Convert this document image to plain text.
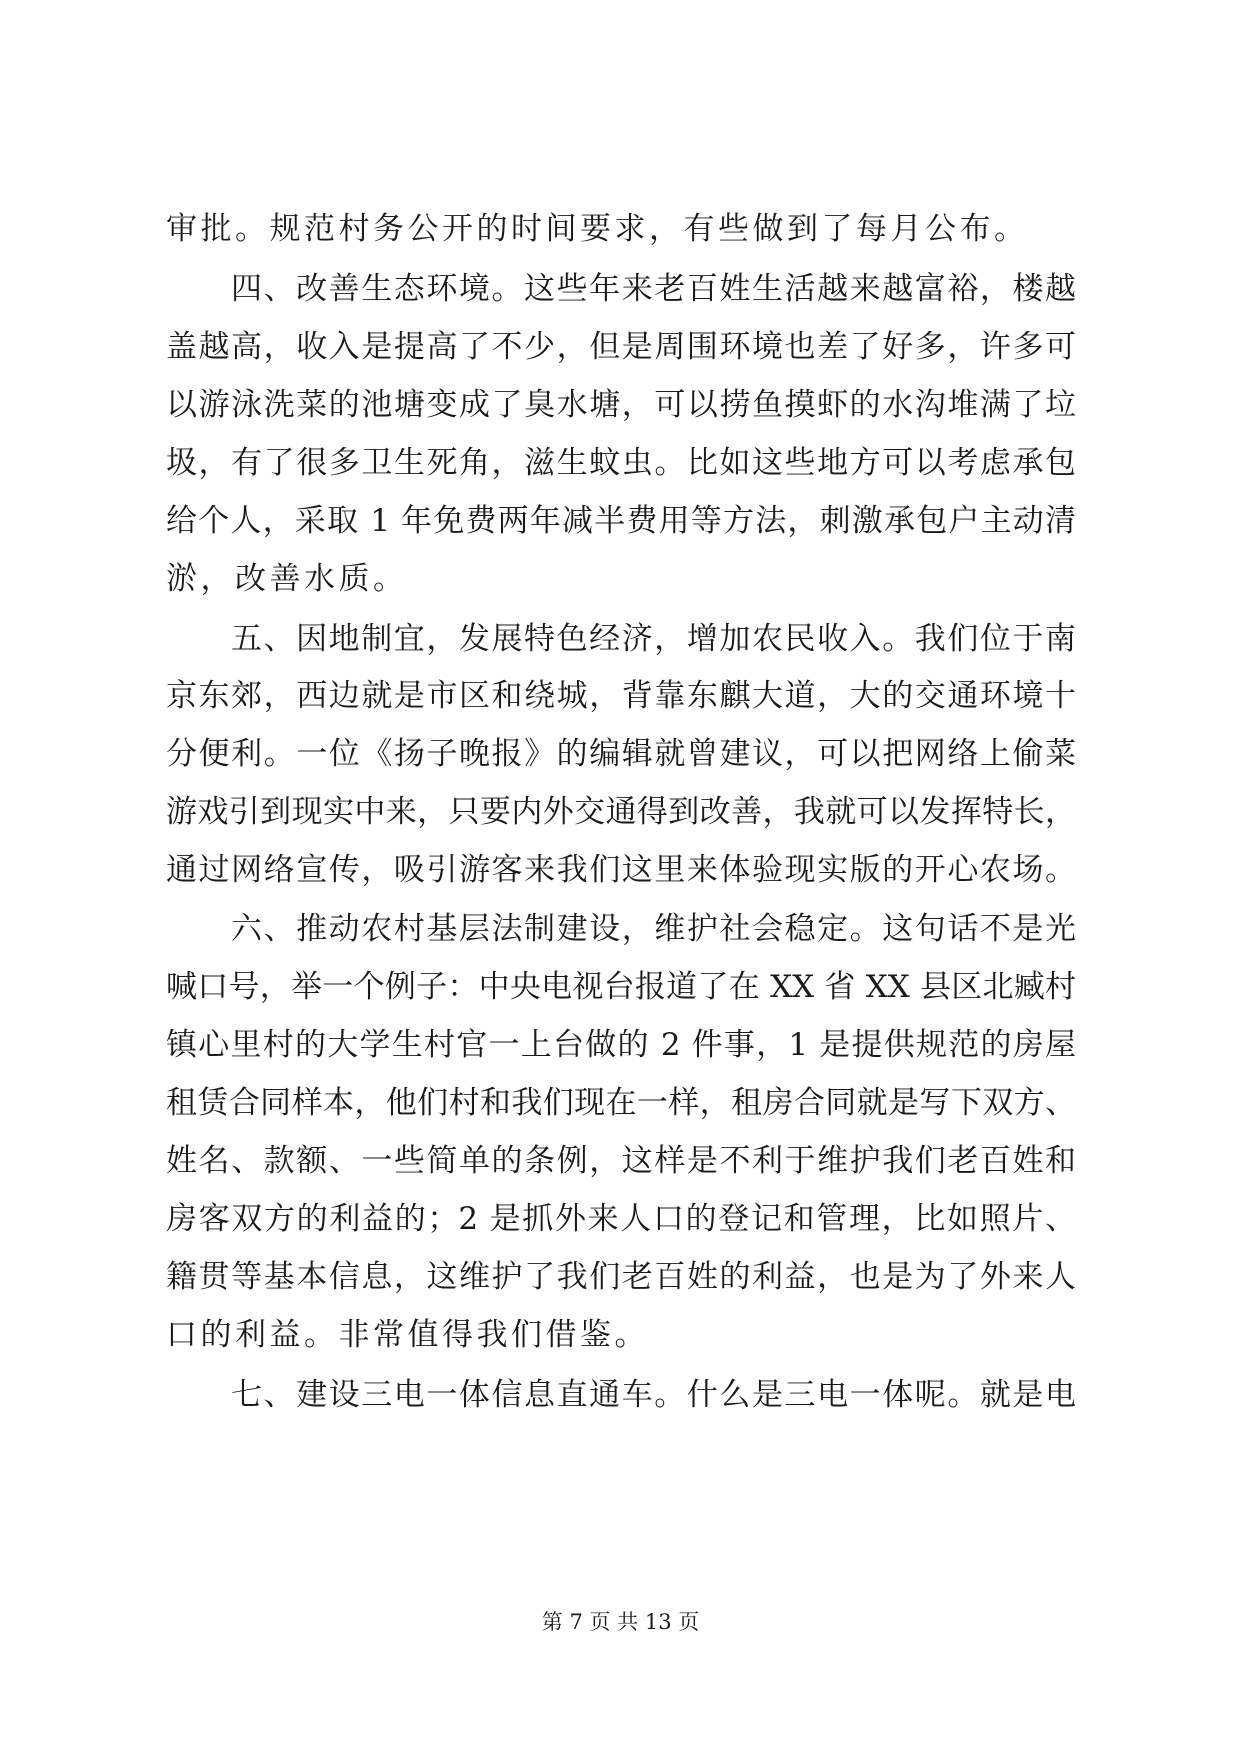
审批。规范村务公开的时间要求，有些做到了每月公布。
四、改善生态环境。这些年来老百姓生活越来越富裕，楼越
盖越高，收入是提高了不少，但是周围环境也差了好多，许多可
以游泳洗菜的池塘变成了臭水塘，可以捞鱼摸虾的水沟堆满了垃
圾，有了很多卫生死角，滋生蚊虫。比如这些地方可以考虑承包
给个人，采取 1 年免费两年减半费用等方法，刺激承包户主动清
淤，改善水质。
五、因地制宜，发展特色经济，增加农民收入。我们位于南
京东郊，西边就是市区和绕城，背靠东麒大道，大的交通环境十
分便利。一位《扬子晚报》的编辑就曾建议，可以把网络上偷菜
游戏引到现实中来，只要内外交通得到改善，我就可以发挥特长，
通过网络宣传，吸引游客来我们这里来体验现实版的开心农场。
六、推动农村基层法制建设，维护社会稳定。这句话不是光
喊口号，举一个例子：中央电视台报道了在 XX 省 XX 县区北臧村
镇心里村的大学生村官一上台做的 2 件事，1 是提供规范的房屋
租赁合同样本，他们村和我们现在一样，租房合同就是写下双方、
姓名、款额、一些简单的条例，这样是不利于维护我们老百姓和
房客双方的利益的；2 是抓外来人口的登记和管理，比如照片、
籍贯等基本信息，这维护了我们老百姓的利益，也是为了外来人
口的利益。非常值得我们借鉴。
七、建设三电一体信息直通车。什么是三电一体呢。就是电
第 7 页 共 13 页
